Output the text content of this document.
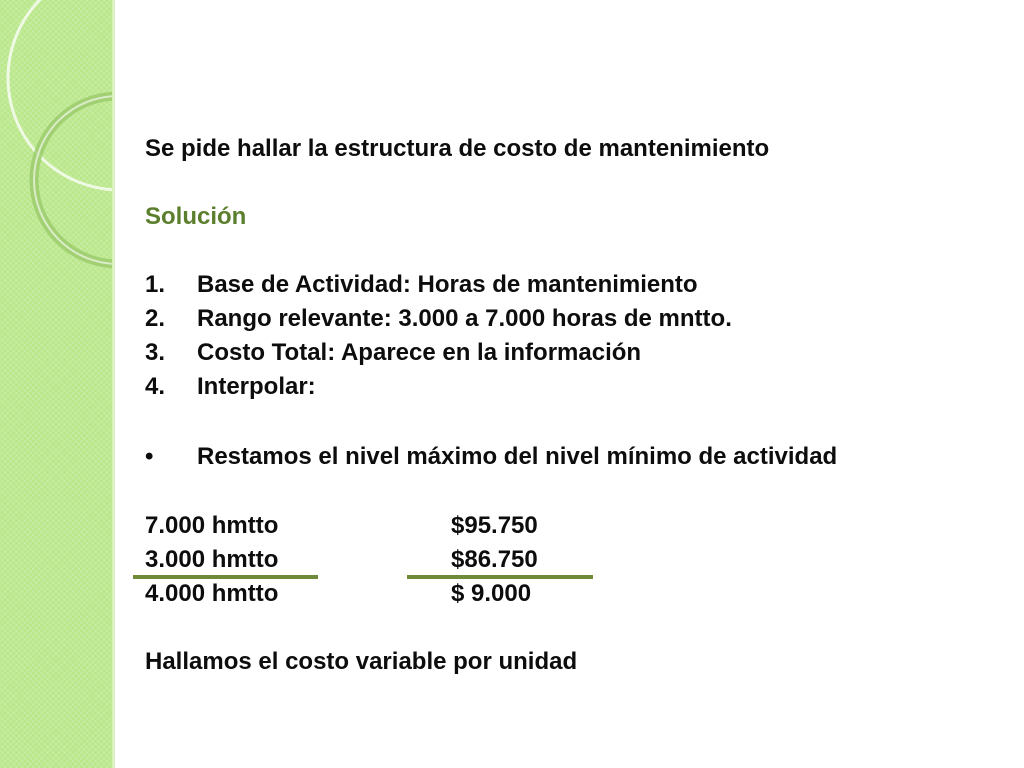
Se pide hallar la estructura de costo de mantenimiento

Solución

1. Base de Actividad: Horas de mantenimiento
2. Rango relevante: 3.000 a 7.000 horas de mntto.
3. Costo Total: Aparece en la información
4. Interpolar:

• Restamos el nivel máximo del nivel mínimo de actividad

7.000 hmtto	$95.750
3.000 hmtto	$86.750
4.000 hmtto	$ 9.000

Hallamos el costo variable por unidad
